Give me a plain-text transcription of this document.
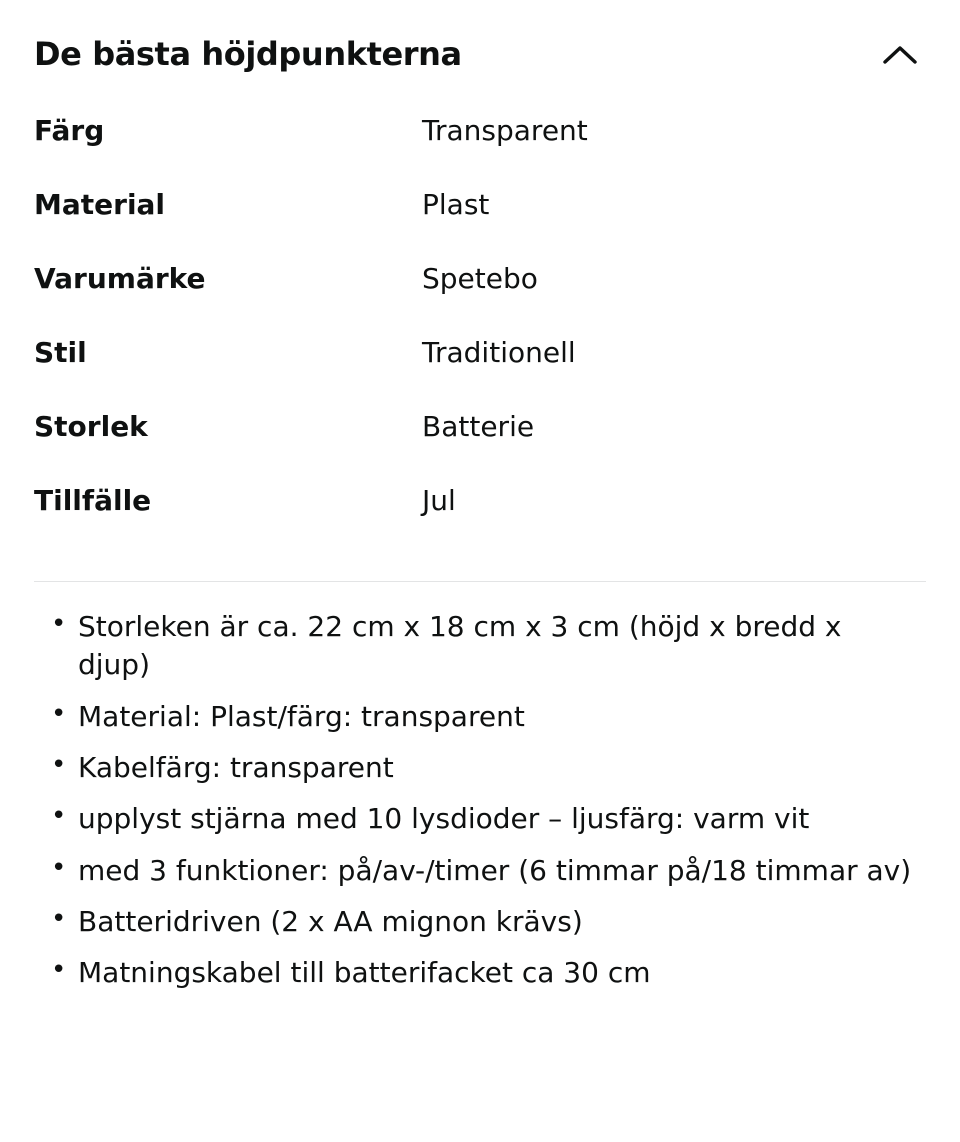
De bästa höjdpunkterna
Färg	Transparent
Material	Plast
Varumärke	Spetebo
Stil	Traditionell
Storlek	Batterie
Tillfälle	Jul
• Storleken är ca. 22 cm x 18 cm x 3 cm (höjd x bredd x djup)
• Material: Plast/färg: transparent
• Kabelfärg: transparent
• upplyst stjärna med 10 lysdioder – ljusfärg: varm vit
• med 3 funktioner: på/av-/timer (6 timmar på/18 timmar av)
• Batteridriven (2 x AA mignon krävs)
• Matningskabel till batterifacket ca 30 cm
